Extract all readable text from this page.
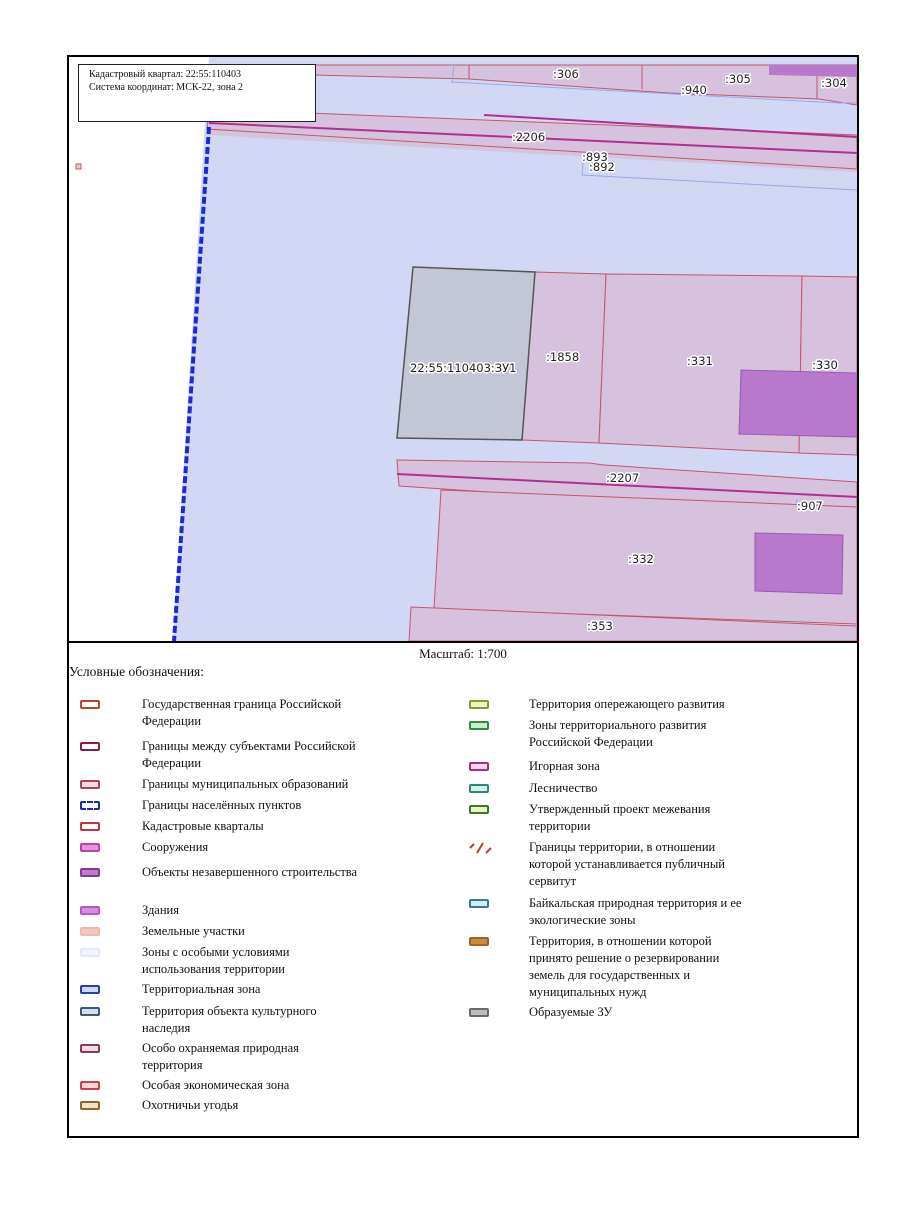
:306	:305	:304
:940
:2206
:893
:892
22:55:110403:ЗУ1
:1858	:331	:330
:2207
:907
:332
:353
Кадастровый квартал: 22:55:110403
Система координат: МСК-22, зона 2
Масштаб: 1:700
Условные обозначения:
Государственная граница Российской Федерации
Границы между субъектами Российской Федерации
Границы муниципальных образований
Границы населённых пунктов
Кадастровые кварталы
Сооружения
Объекты незавершенного строительства
Здания
Земельные участки
Зоны с особыми условиями использования территории
Территориальная зона
Территория объекта культурного наследия
Особо охраняемая природная территория
Особая экономическая зона
Охотничьи угодья
Территория опережающего развития
Зоны территориального развития Российской Федерации
Игорная зона
Лесничество
Утвержденный проект межевания территории
Границы территории, в отношении которой устанавливается публичный сервитут
Байкальская природная территория и ее экологические зоны
Территория, в отношении которой принято решение о резервировании земель для государственных и муниципальных нужд
Образуемые ЗУ
